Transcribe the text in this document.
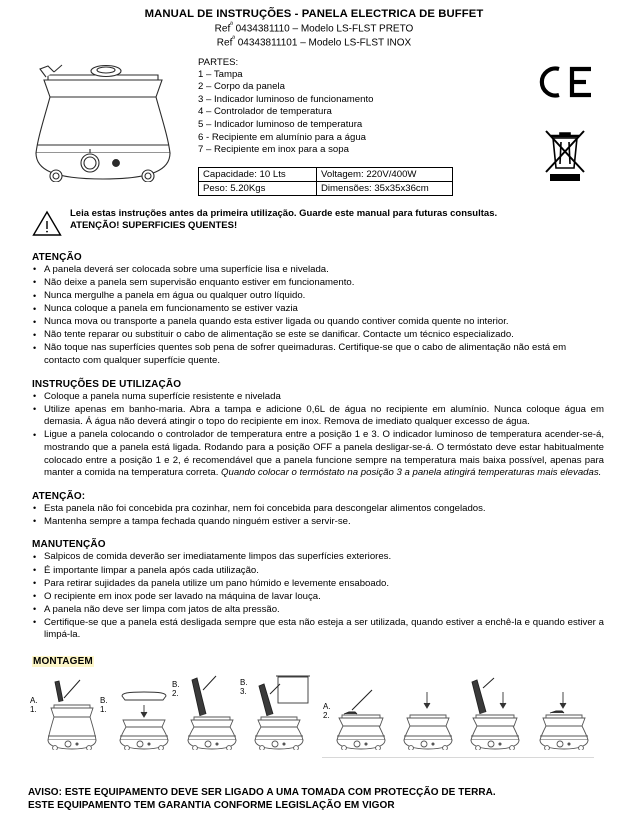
MANUAL DE INSTRUÇÕES - PANELA ELECTRICA DE BUFFET
Ref$^ª$ 0434381110 – Modelo LS-FLST PRETO
Ref$^ª$ 04343811101 – Modelo LS-FLST INOX
PARTES:
1 – Tampa
2 – Corpo da panela
3 – Indicador luminoso de funcionamento
4 – Controlador de temperatura
5 – Indicador luminoso de temperatura
6 - Recipiente em alumínio para a água
7 – Recipiente em inox para a sopa
Capacidade: 10 Lts	Voltagem: 220V/400W
Peso: 5.20Kgs	Dimensões: 35x35x36cm
Leia estas instruções antes da primeira utilização. Guarde este manual para futuras consultas.
ATENÇÃO! SUPERFICIES QUENTES!
ATENÇÃO
• A panela deverá ser colocada sobre uma superfície lisa e nivelada.
• Não deixe a panela sem supervisão enquanto estiver em funcionamento.
• Nunca mergulhe a panela em água ou qualquer outro líquido.
• Nunca coloque a panela em funcionamento se estiver vazia
• Nunca mova ou transporte a panela quando esta estiver ligada ou quando contiver comida quente no interior.
• Não tente reparar ou substituir o cabo de alimentação se este se danificar. Contacte um técnico especializado.
• Não toque nas superfícies quentes sob pena de sofrer queimaduras. Certifique-se que o cabo de alimentação não está em contacto com qualquer superfície quente.
INSTRUÇÕES DE UTILIZAÇÃO
• Coloque a panela numa superfície resistente e nivelada
• Utilize apenas em banho-maria. Abra a tampa e adicione 0,6L de água no recipiente em alumínio. Nunca coloque água em demasia. Á água não deverá atingir o topo do recipiente em inox. Remova de imediato qualquer excesso de água.
• Ligue a panela colocando o controlador de temperatura entre a posição 1 e 3. O indicador luminoso de temperatura acender-se-á, mostrando que a panela está ligada. Rodando para a posição OFF a panela desligar-se-á. O termóstato deve estar habitualmente colocado entre a posição 1 e 2, é recomendável que a panela funcione sempre na temperatura mais baixa possível, apenas para manter a comida na temperatura correta. Quando colocar o termóstato na posição 3 a panela atingirá temperaturas mais elevadas.
ATENÇÃO:
• Esta panela não foi concebida pra cozinhar, nem foi concebida para descongelar alimentos congelados.
• Mantenha sempre a tampa fechada quando ninguém estiver a servir-se.
MANUTENÇÃO
• Salpicos de comida deverão ser imediatamente limpos das superfícies exteriores.
• É importante limpar a panela após cada utilização.
• Para retirar sujidades da panela utilize um pano húmido e levemente ensaboado.
• O recipiente em inox pode ser lavado na máquina de lavar louça.
• A panela não deve ser limpa com jatos de alta pressão.
• Certifique-se que a panela está desligada sempre que esta não esteja a ser utilizada, quando estiver a enchê-la e quando estiver a limpá-la.
MONTAGEM
A.
1.
B.
1.
B.
2.
B.
3.
A.
2.
AVISO: ESTE EQUIPAMENTO DEVE SER LIGADO A UMA TOMADA COM PROTECÇÃO DE TERRA.
ESTE EQUIPAMENTO TEM GARANTIA CONFORME LEGISLAÇÃO EM VIGOR
